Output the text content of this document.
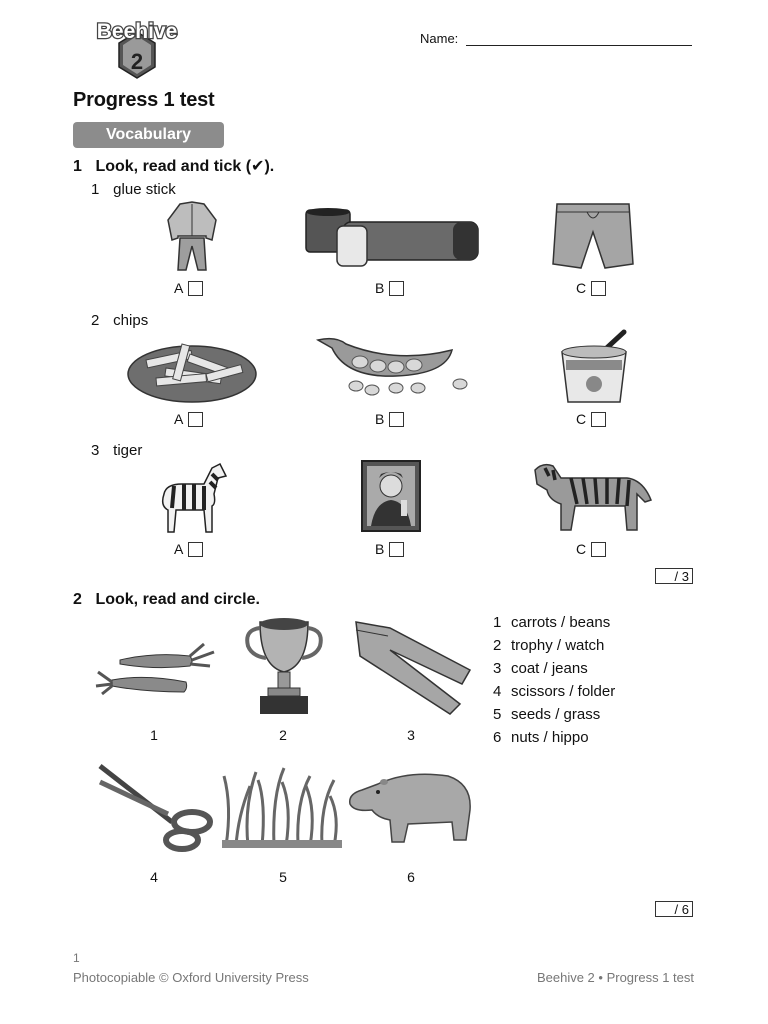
2
Beehive	Name:
Progress 1 test
Vocabulary
1 Look, read and tick (✔).
1 glue stick
A	B	C
2 chips
A	B	C
3 tiger
A	B	C
/ 3
2 Look, read and circle.
1	2	3
4	5	6
1 carrots / beans
2 trophy / watch
3 coat / jeans
4 scissors / folder
5 seeds / grass
6 nuts / hippo
/ 6
1
Photocopiable © Oxford University Press	Beehive 2 • Progress 1 test
